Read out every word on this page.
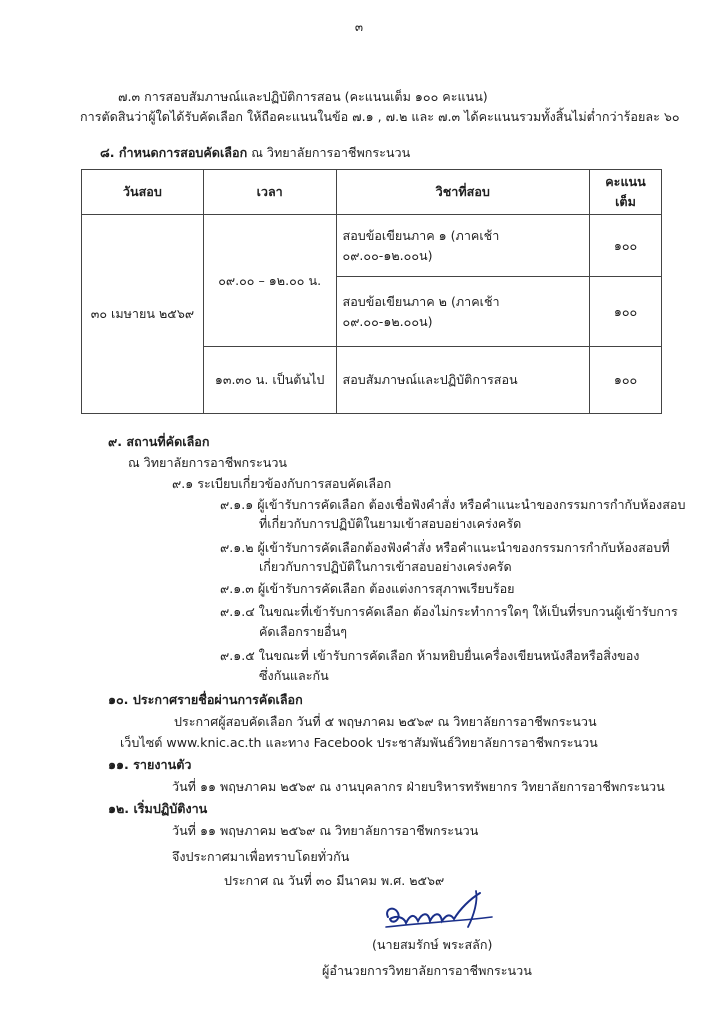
๓
๗.๓ การสอบสัมภาษณ์และปฏิบัติการสอน (คะแนนเต็ม ๑๐๐ คะแนน)
การตัดสินว่าผู้ใดได้รับคัดเลือก ให้ถือคะแนนในข้อ ๗.๑ , ๗.๒ และ ๗.๓ ได้คะแนนรวมทั้งสิ้นไม่ต่ำกว่าร้อยละ ๖๐
๘. กำหนดการสอบคัดเลือก ณ วิทยาลัยการอาชีพกระนวน
วันสอบ	เวลา	วิชาที่สอบ	คะแนน
เต็ม

๓๐ เมษายน ๒๕๖๙	๐๙.๐๐ – ๑๒.๐๐ น.	สอบข้อเขียนภาค ๑ (ภาคเช้า ๐๙.๐๐-๑๒.๐๐น)	๑๐๐
		สอบข้อเขียนภาค ๒ (ภาคเช้า ๐๙.๐๐-๑๒.๐๐น)	๑๐๐
	๑๓.๓๐ น. เป็นต้นไป	สอบสัมภาษณ์และปฏิบัติการสอน	๑๐๐
๙. สถานที่คัดเลือก
ณ วิทยาลัยการอาชีพกระนวน
๙.๑ ระเบียบเกี่ยวข้องกับการสอบคัดเลือก
๙.๑.๑ ผู้เข้ารับการคัดเลือก ต้องเชื่อฟังคำสั่ง หรือคำแนะนำของกรรมการกำกับห้องสอบ
ที่เกี่ยวกับการปฏิบัติในยามเข้าสอบอย่างเคร่งครัด
๙.๑.๒ ผู้เข้ารับการคัดเลือกต้องฟังคำสั่ง หรือคำแนะนำของกรรมการกำกับห้องสอบที่
เกี่ยวกับการปฏิบัติในการเข้าสอบอย่างเคร่งครัด
๙.๑.๓ ผู้เข้ารับการคัดเลือก ต้องแต่งการสุภาพเรียบร้อย
๙.๑.๔ ในขณะที่เข้ารับการคัดเลือก ต้องไม่กระทำการใดๆ ให้เป็นที่รบกวนผู้เข้ารับการ
คัดเลือกรายอื่นๆ
๙.๑.๕ ในขณะที่ เข้ารับการคัดเลือก ห้ามหยิบยื่นเครื่องเขียนหนังสือหรือสิ่งของ
ซึ่งกันและกัน
๑๐. ประกาศรายชื่อผ่านการคัดเลือก
ประกาศผู้สอบคัดเลือก วันที่ ๕ พฤษภาคม ๒๕๖๙ ณ วิทยาลัยการอาชีพกระนวน
เว็บไซต์ www.knic.ac.th และทาง Facebook ประชาสัมพันธ์วิทยาลัยการอาชีพกระนวน
๑๑. รายงานตัว
วันที่ ๑๑ พฤษภาคม ๒๕๖๙ ณ งานบุคลากร ฝ่ายบริหารทรัพยากร วิทยาลัยการอาชีพกระนวน
๑๒. เริ่มปฏิบัติงาน
วันที่ ๑๑ พฤษภาคม ๒๕๖๙ ณ วิทยาลัยการอาชีพกระนวน
จึงประกาศมาเพื่อทราบโดยทั่วกัน
ประกาศ ณ วันที่ ๓๐ มีนาคม พ.ศ. ๒๕๖๙
(นายสมรักษ์ พระสลัก)
ผู้อำนวยการวิทยาลัยการอาชีพกระนวน
